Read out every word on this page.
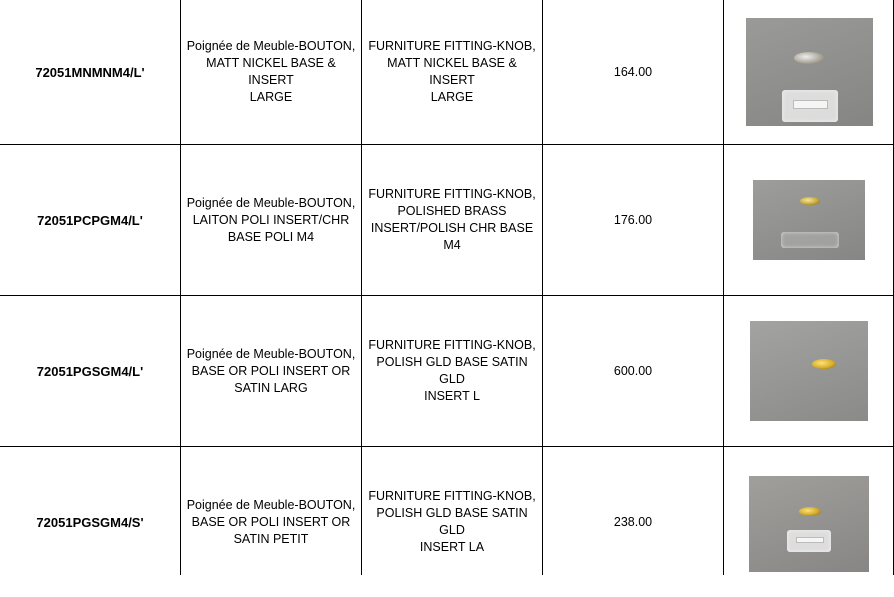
72051MNMNM4/L'
Poignée de Meuble-BOUTON,
MATT NICKEL BASE & INSERT
LARGE
FURNITURE FITTING-KNOB,
MATT NICKEL BASE & INSERT
LARGE
164.00
72051PCPGM4/L'
Poignée de Meuble-BOUTON,
LAITON POLI INSERT/CHR
BASE POLI M4
FURNITURE FITTING-KNOB,
POLISHED BRASS
INSERT/POLISH CHR BASE M4
176.00
72051PGSGM4/L'
Poignée de Meuble-BOUTON,
BASE OR POLI INSERT OR
SATIN LARG
FURNITURE FITTING-KNOB,
POLISH GLD BASE SATIN GLD
INSERT L
600.00
72051PGSGM4/S'
Poignée de Meuble-BOUTON,
BASE OR POLI INSERT OR
SATIN PETIT
FURNITURE FITTING-KNOB,
POLISH GLD BASE SATIN GLD
INSERT LA
238.00
